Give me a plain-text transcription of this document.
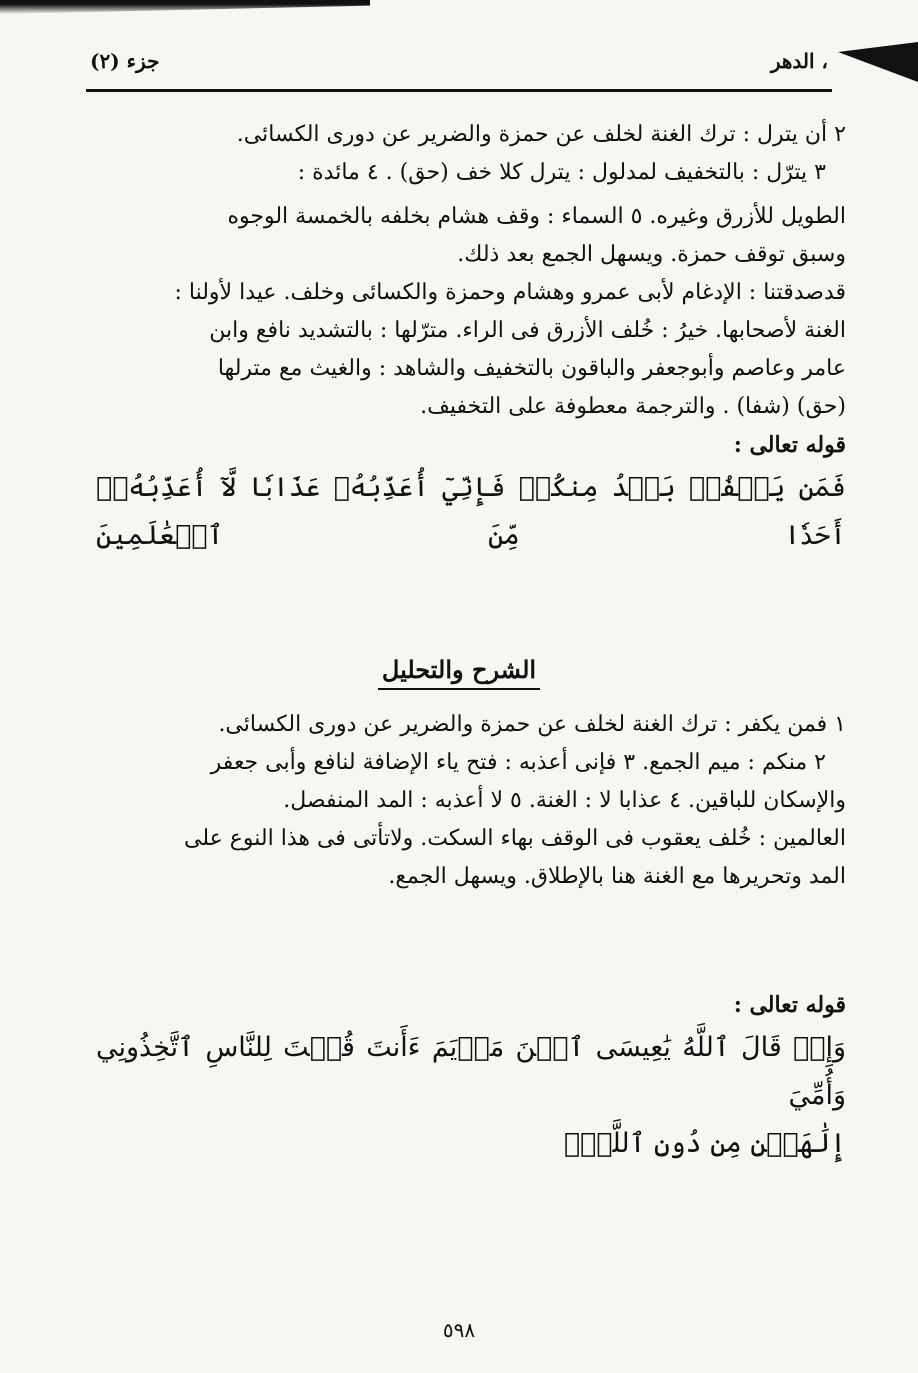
، الدهر
جزء (٢)

٢ أن يترل : ترك الغنة لخلف عن حمزة والضرير عن دورى الكسائى.

٣ يترّل : بالتخفيف لمدلول : يترل كلا خف (حق) . ٤ مائدة :

الطويل للأزرق وغيره. ٥ السماء : وقف هشام بخلفه بالخمسة الوجوه

وسبق توقف حمزة. ويسهل الجمع بعد ذلك.

قدصدقتنا : الإدغام لأبى عمرو وهشام وحمزة والكسائى وخلف. عيدا لأولنا :

الغنة لأصحابها. خيرُ : خُلف الأزرق فى الراء. مترّلها : بالتشديد نافع وابن

عامر وعاصم وأبوجعفر والباقون بالتخفيف والشاهد : والغيث مع مترلها

(حق) (شفا) . والترجمة معطوفة على التخفيف.

قوله تعالى :

فَمَن يَكۡفُرۡ بَعۡدُ مِنكُمۡ فَإِنِّيٓ أُعَذِّبُهُۥ عَذَابٗا لَّآ أُعَذِّبُهُۥٓ أَحَدٗا مِّنَ ٱلۡعَٰلَمِينَ

الشرح والتحليل

١ فمن يكفر : ترك الغنة لخلف عن حمزة والضرير عن دورى الكسائى.

٢ منكم : ميم الجمع. ٣ فإنى أعذبه : فتح ياء الإضافة لنافع وأبى جعفر

والإسكان للباقين. ٤ عذابا لا : الغنة. ٥ لا أعذبه : المد المنفصل.

العالمين : خُلف يعقوب فى الوقف بهاء السكت. ولاتأتى فى هذا النوع على

المد وتحريرها مع الغنة هنا بالإطلاق. ويسهل الجمع.

قوله تعالى :

وَإِذۡ قَالَ ٱللَّهُ يَٰعِيسَى ٱبۡنَ مَرۡيَمَ ءَأَنتَ قُلۡتَ لِلنَّاسِ ٱتَّخِذُونِي وَأُمِّيَ

إِلَٰهَيۡنِ مِن دُونِ ٱللَّهِۖ

٥٩٨
